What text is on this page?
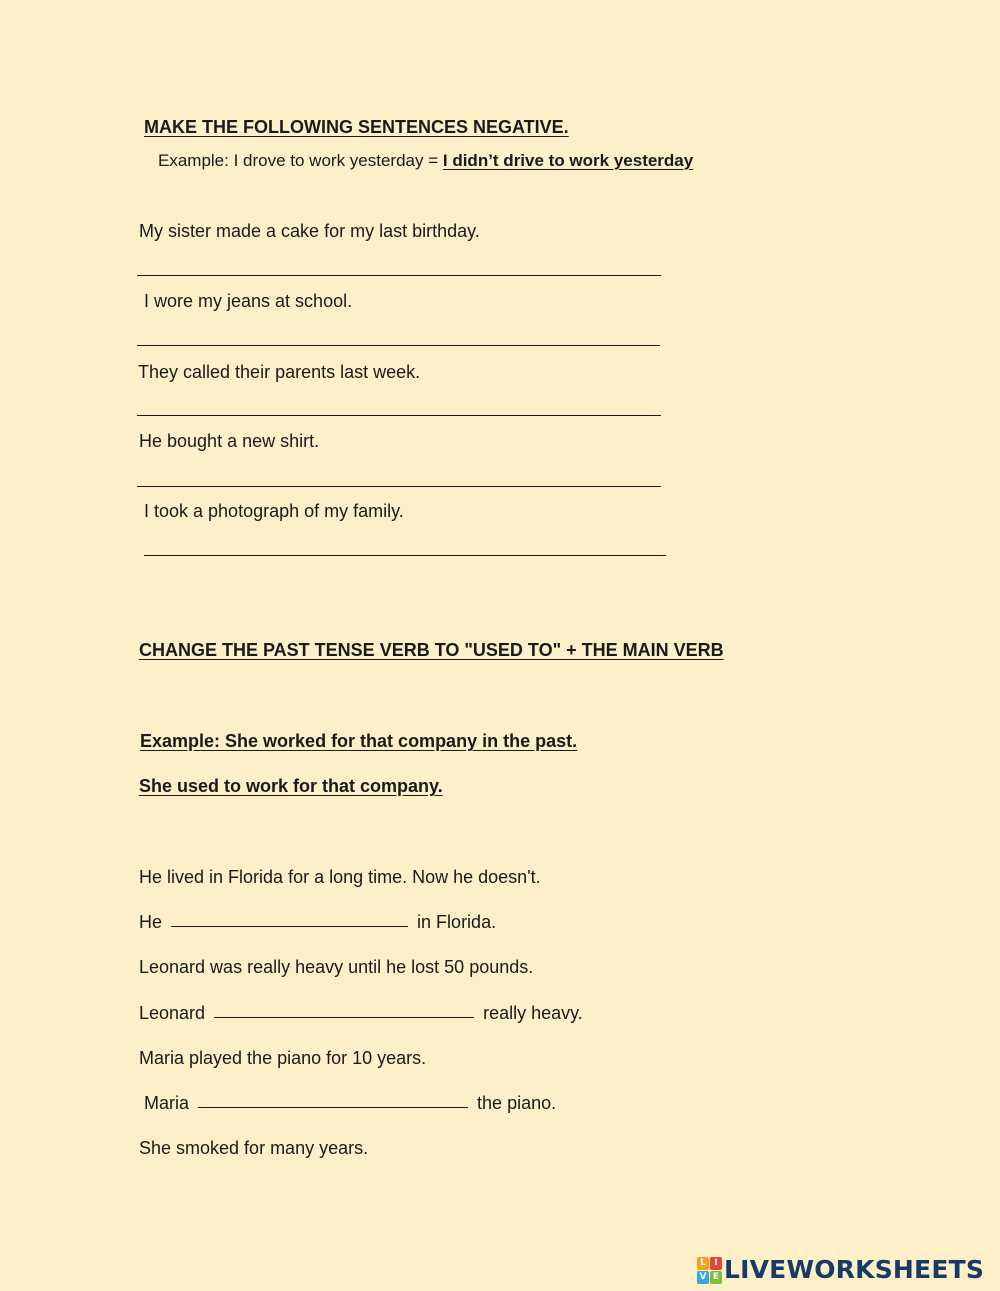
MAKE THE FOLLOWING SENTENCES NEGATIVE.
Example: I drove to work yesterday = I didn’t drive to work yesterday
My sister made a cake for my last birthday.
I wore my jeans at school.
They called their parents last week.
He bought a new shirt.
I took a photograph of my family.
CHANGE THE PAST TENSE VERB TO "USED TO" + THE MAIN VERB
Example: She worked for that company in the past.
She used to work for that company.
He lived in Florida for a long time. Now he doesn't.
He	in Florida.
Leonard was really heavy until he lost 50 pounds.
Leonard	really heavy.
Maria played the piano for 10 years.
Maria	the piano.
She smoked for many years.
L I
V E LIVEWORKSHEETS
